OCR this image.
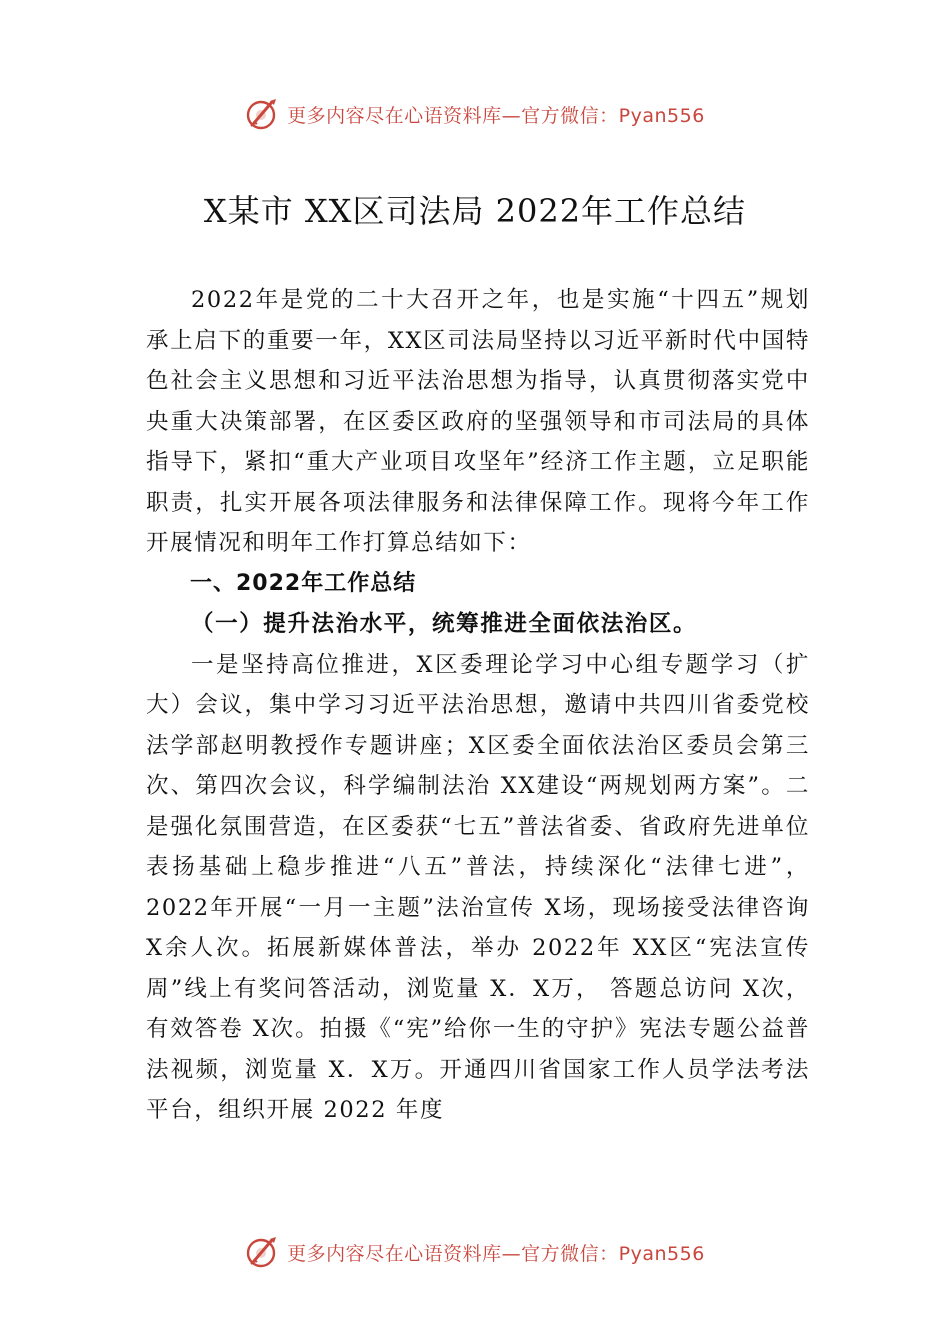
更多内容尽在心语资料库—官方微信：Pyan556
X某市 XX区司法局 2022年工作总结

2022年是党的二十大召开之年，也是实施“十四五”规划承上启下的重要一年，XX区司法局坚持以习近平新时代中国特色社会主义思想和习近平法治思想为指导，认真贯彻落实党中央重大决策部署，在区委区政府的坚强领导和市司法局的具体指导下，紧扣“重大产业项目攻坚年”经济工作主题，立足职能职责，扎实开展各项法律服务和法律保障工作。现将今年工作开展情况和明年工作打算总结如下：

一、2022年工作总结

（一）提升法治水平，统筹推进全面依法治区。

一是坚持高位推进，X区委理论学习中心组专题学习（扩大）会议，集中学习习近平法治思想，邀请中共四川省委党校法学部赵明教授作专题讲座；X区委全面依法治区委员会第三次、第四次会议，科学编制法治 XX建设“两规划两方案”。二是强化氛围营造，在区委获“七五”普法省委、省政府先进单位表扬基础上稳步推进“八五”普法，持续深化“法律七进”，2022年开展“一月一主题”法治宣传 X场，现场接受法律咨询 X余人次。拓展新媒体普法，举办 2022年 XX区“宪法宣传周”线上有奖问答活动，浏览量 X．X万， 答题总访问 X次，有效答卷 X次。拍摄《“宪”给你一生的守护》宪法专题公益普法视频，浏览量 X．X万。开通四川省国家工作人员学法考法平台，组织开展 2022 年度

更多内容尽在心语资料库—官方微信：Pyan556
